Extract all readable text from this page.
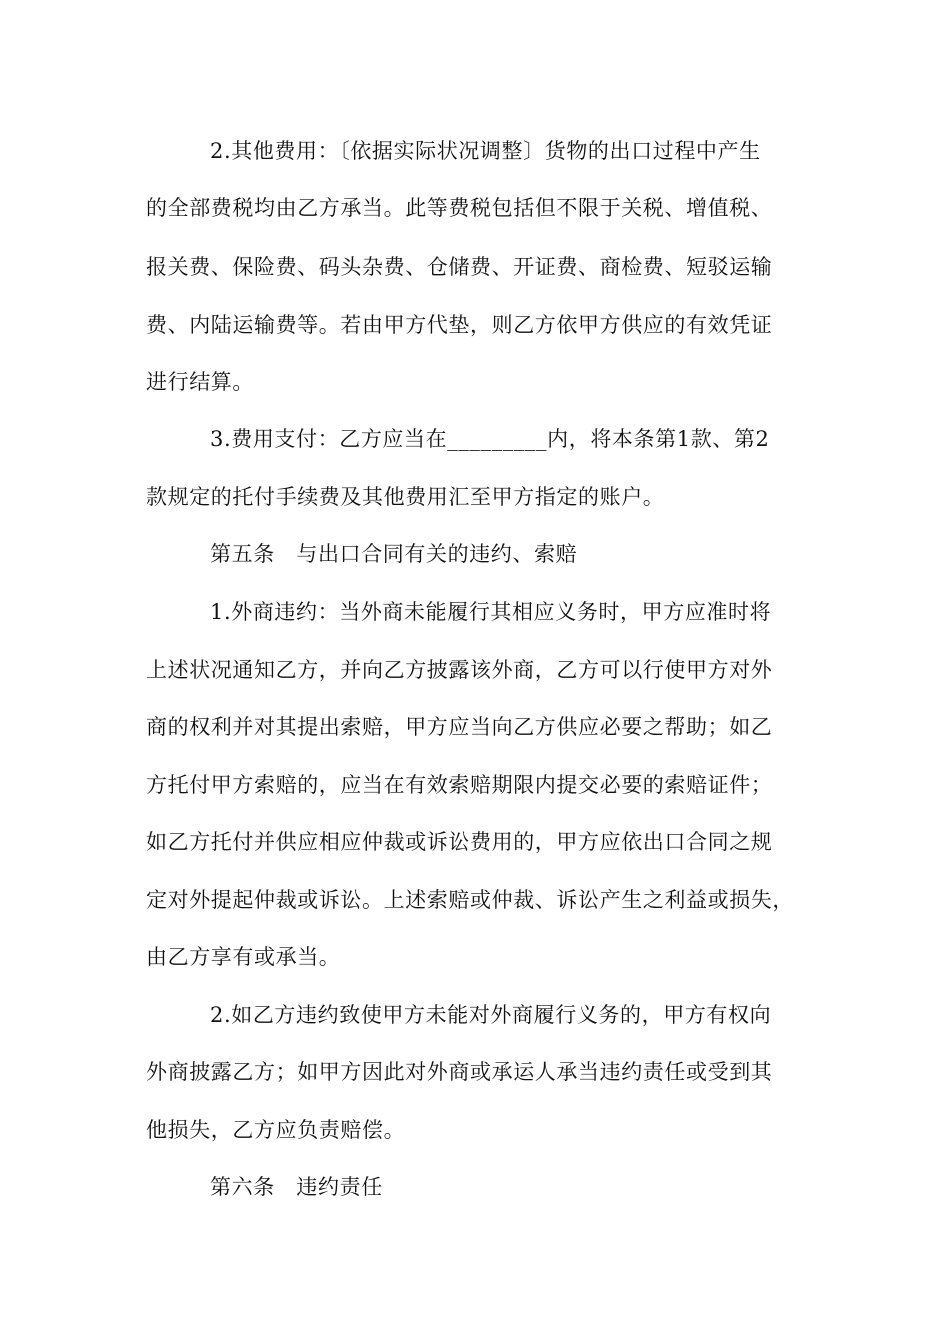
2.其他费用：〔依据实际状况调整〕货物的出口过程中产生
的全部费税均由乙方承当。此等费税包括但不限于关税、增值税、
报关费、保险费、码头杂费、仓储费、开证费、商检费、短驳运输
费、内陆运输费等。若由甲方代垫，则乙方依甲方供应的有效凭证
进行结算。
3.费用支付：乙方应当在_________内，将本条第1款、第2
款规定的托付手续费及其他费用汇至甲方指定的账户。
第五条　与出口合同有关的违约、索赔
1.外商违约：当外商未能履行其相应义务时，甲方应准时将
上述状况通知乙方，并向乙方披露该外商，乙方可以行使甲方对外
商的权利并对其提出索赔，甲方应当向乙方供应必要之帮助；如乙
方托付甲方索赔的，应当在有效索赔期限内提交必要的索赔证件；
如乙方托付并供应相应仲裁或诉讼费用的，甲方应依出口合同之规
定对外提起仲裁或诉讼。上述索赔或仲裁、诉讼产生之利益或损失，
由乙方享有或承当。
2.如乙方违约致使甲方未能对外商履行义务的，甲方有权向
外商披露乙方；如甲方因此对外商或承运人承当违约责任或受到其
他损失，乙方应负责赔偿。
第六条　违约责任
